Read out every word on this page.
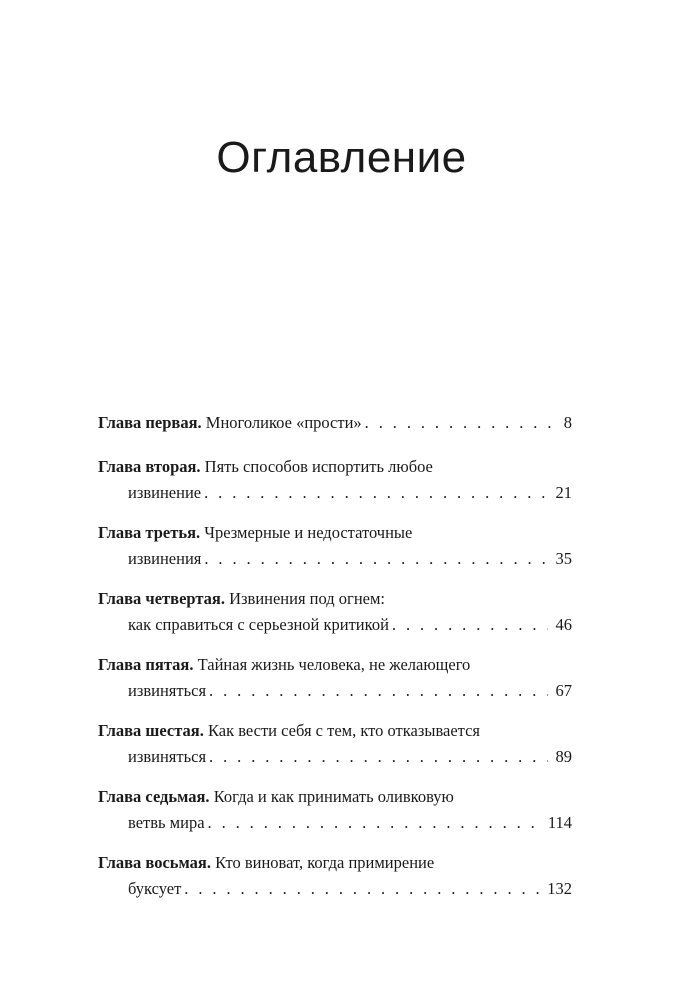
Оглавление
Глава первая.
Многоликое «прости» . . .	8
Глава вторая. Пять способов испортить любое
извинение . . .	21
Глава третья. Чрезмерные и недостаточные
извинения . . .	35
Глава четвертая. Извинения под огнем:
как справиться с серьезной критикой . . .	46
Глава пятая. Тайная жизнь человека, не желающего
извиняться . . .	67
Глава шестая. Как вести себя с тем, кто отказывается
извиняться . . .	89
Глава седьмая. Когда и как принимать оливковую
ветвь мира . . .	114
Глава восьмая. Кто виноват, когда примирение
буксует . . .	132
